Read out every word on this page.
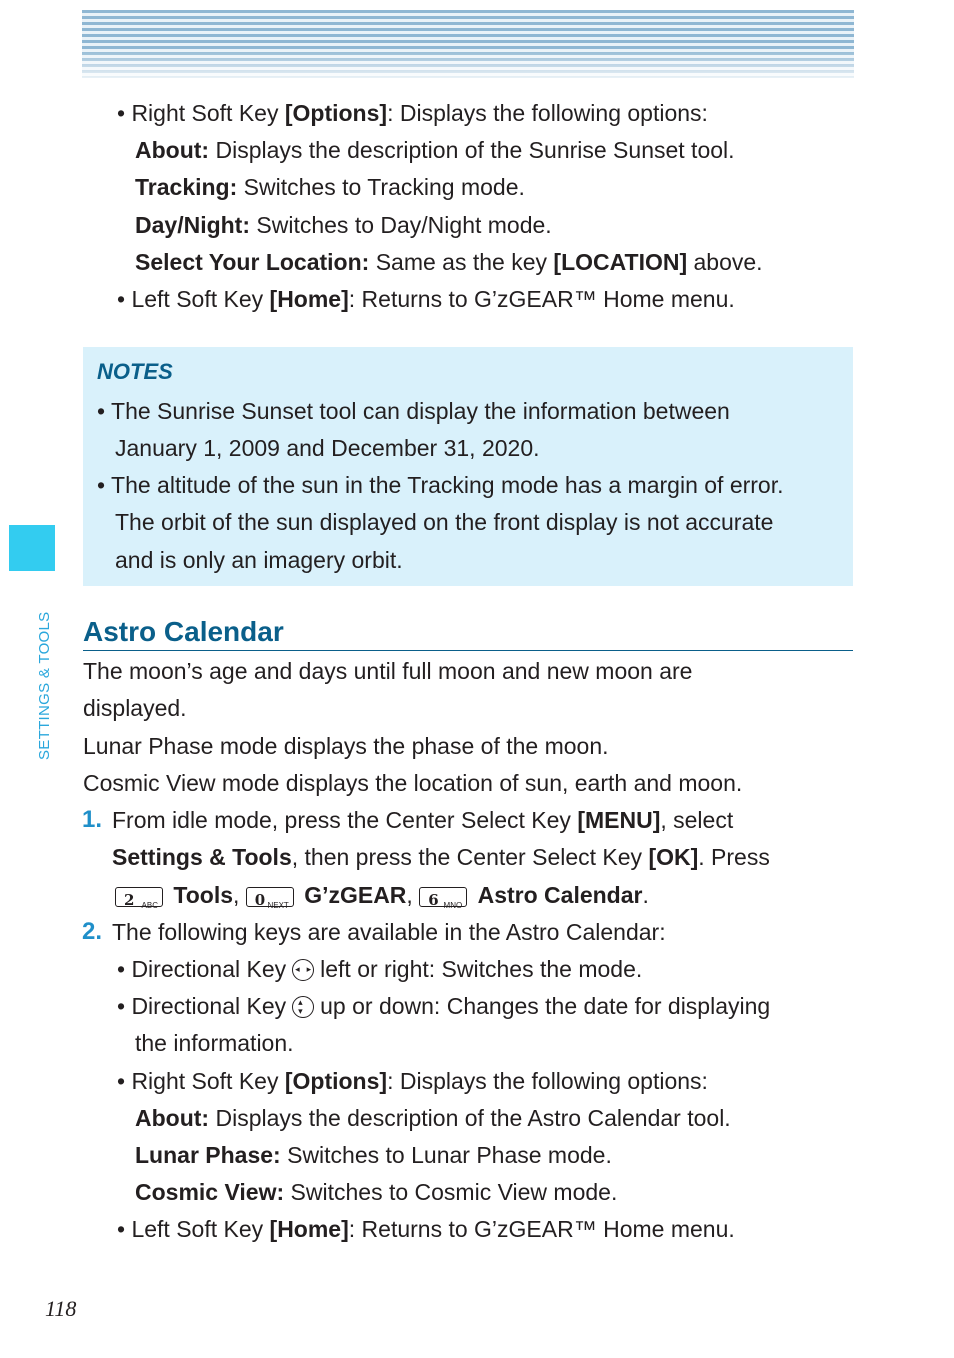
• Right Soft Key [Options]: Displays the following options:
About: Displays the description of the Sunrise Sunset tool.
Tracking: Switches to Tracking mode.
Day/Night: Switches to Day/Night mode.
Select Your Location: Same as the key [LOCATION] above.
• Left Soft Key [Home]: Returns to G’zGEAR™ Home menu.
NOTES
• The Sunrise Sunset tool can display the information between
January 1, 2009 and December 31, 2020.
• The altitude of the sun in the Tracking mode has a margin of error.
The orbit of the sun displayed on the front display is not accurate
and is only an imagery orbit.
Astro Calendar
The moon’s age and days until full moon and new moon are
displayed.
Lunar Phase mode displays the phase of the moon.
Cosmic View mode displays the location of sun, earth and moon.
1. From idle mode, press the Center Select Key [MENU], select
Settings & Tools, then press the Center Select Key [OK]. Press
2 ABC Tools, 0 NEXT G’zGEAR, 6 MNO Astro Calendar.
2. The following keys are available in the Astro Calendar:
• Directional Key ◂ ▸ left or right: Switches the mode.
• Directional Key ▴
▾ up or down: Changes the date for displaying
the information.
• Right Soft Key [Options]: Displays the following options:
About: Displays the description of the Astro Calendar tool.
Lunar Phase: Switches to Lunar Phase mode.
Cosmic View: Switches to Cosmic View mode.
• Left Soft Key [Home]: Returns to G’zGEAR™ Home menu.
SETTINGS & TOOLS
118
